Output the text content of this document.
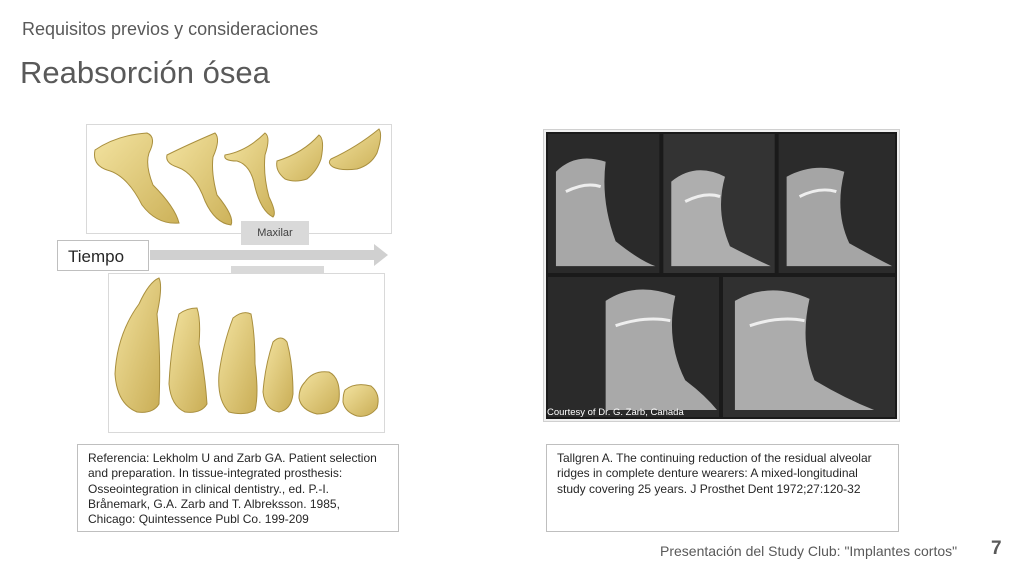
Requisitos previos y consideraciones
Reabsorción ósea
Maxilar
Tiempo
Referencia: Lekholm U and Zarb GA. Patient selection and preparation. In tissue-integrated prosthesis: Osseointegration in clinical dentistry., ed. P.-I. Brånemark, G.A. Zarb and T. Albreksson. 1985, Chicago: Quintessence Publ Co. 199-209
Courtesy of Dr. G. Zarb, Canada
Tallgren A. The continuing reduction of the residual alveolar ridges in complete denture wearers: A mixed-longitudinal study covering 25 years. J Prosthet Dent 1972;27:120-32
Presentación del Study Club: "Implantes cortos" 7
